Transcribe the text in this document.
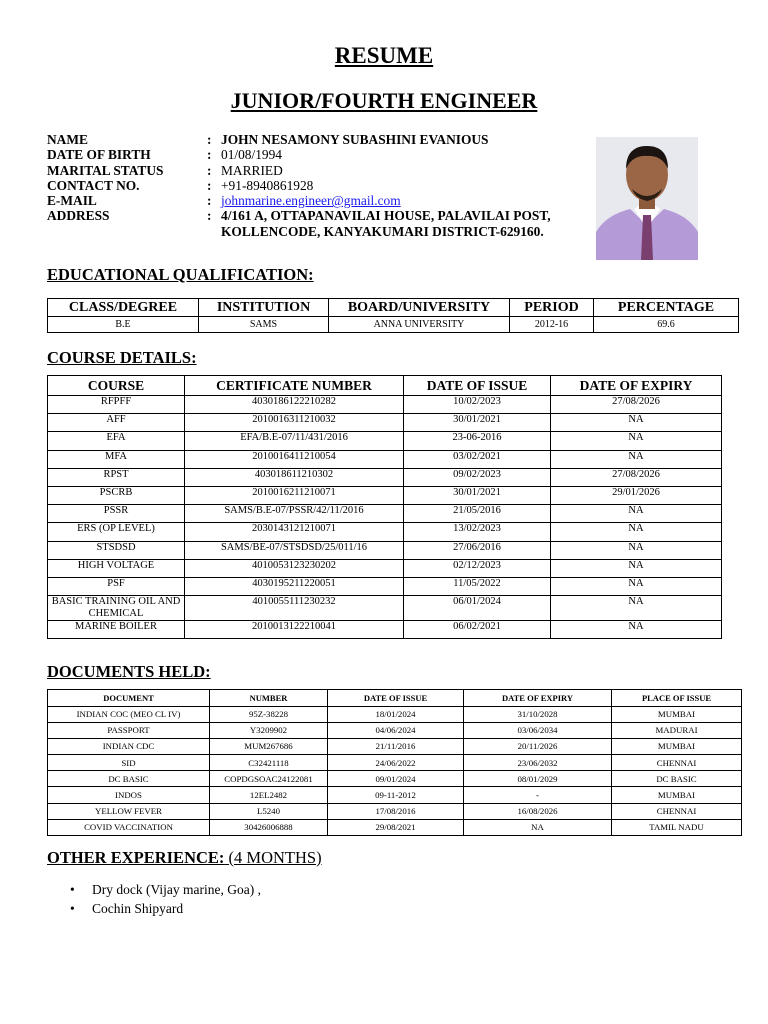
RESUME
JUNIOR/FOURTH ENGINEER
NAME	: JOHN NESAMONY SUBASHINI EVANIOUS
DATE OF BIRTH	: 01/08/1994
MARITAL STATUS	: MARRIED
CONTACT NO.	: +91-8940861928
E-MAIL	: johnmarine.engineer@gmail.com
ADDRESS	: 4/161 A, OTTAPANAVILAI HOUSE, PALAVILAI POST,
KOLLENCODE, KANYAKUMARI DISTRICT-629160.
EDUCATIONAL QUALIFICATION:
CLASS/DEGREE	INSTITUTION	BOARD/UNIVERSITY	PERIOD	PERCENTAGE
B.E	SAMS	ANNA UNIVERSITY	2012-16	69.6
COURSE DETAILS:
COURSE	CERTIFICATE NUMBER	DATE OF ISSUE	DATE OF EXPIRY
RFPFF	4030186122210282	10/02/2023	27/08/2026
AFF	2010016311210032	30/01/2021	NA
EFA	EFA/B.E-07/11/431/2016	23-06-2016	NA
MFA	2010016411210054	03/02/2021	NA
RPST	403018611210302	09/02/2023	27/08/2026
PSCRB	2010016211210071	30/01/2021	29/01/2026
PSSR	SAMS/B.E-07/PSSR/42/11/2016	21/05/2016	NA
ERS (OP LEVEL)	2030143121210071	13/02/2023	NA
STSDSD	SAMS/BE-07/STSDSD/25/011/16	27/06/2016	NA
HIGH VOLTAGE	4010053123230202	02/12/2023	NA
PSF	4030195211220051	11/05/2022	NA
BASIC TRAINING OIL AND CHEMICAL	4010055111230232	06/01/2024	NA
MARINE BOILER	2010013122210041	06/02/2021	NA
DOCUMENTS HELD:
DOCUMENT	NUMBER	DATE OF ISSUE	DATE OF EXPIRY	PLACE OF ISSUE
INDIAN COC (MEO CL IV)	95Z-38228	18/01/2024	31/10/2028	MUMBAI
PASSPORT	Y3209902	04/06/2024	03/06/2034	MADURAI
INDIAN CDC	MUM267686	21/11/2016	20/11/2026	MUMBAI
SID	C32421118	24/06/2022	23/06/2032	CHENNAI
DC BASIC	COPDGSOAC24122081	09/01/2024	08/01/2029	DC BASIC
INDOS	12EL2482	09-11-2012	-	MUMBAI
YELLOW FEVER	L5240	17/08/2016	16/08/2026	CHENNAI
COVID VACCINATION	30426006888	29/08/2021	NA	TAMIL NADU
OTHER EXPERIENCE: (4 MONTHS)
• Dry dock (Vijay marine, Goa) ,
• Cochin Shipyard
